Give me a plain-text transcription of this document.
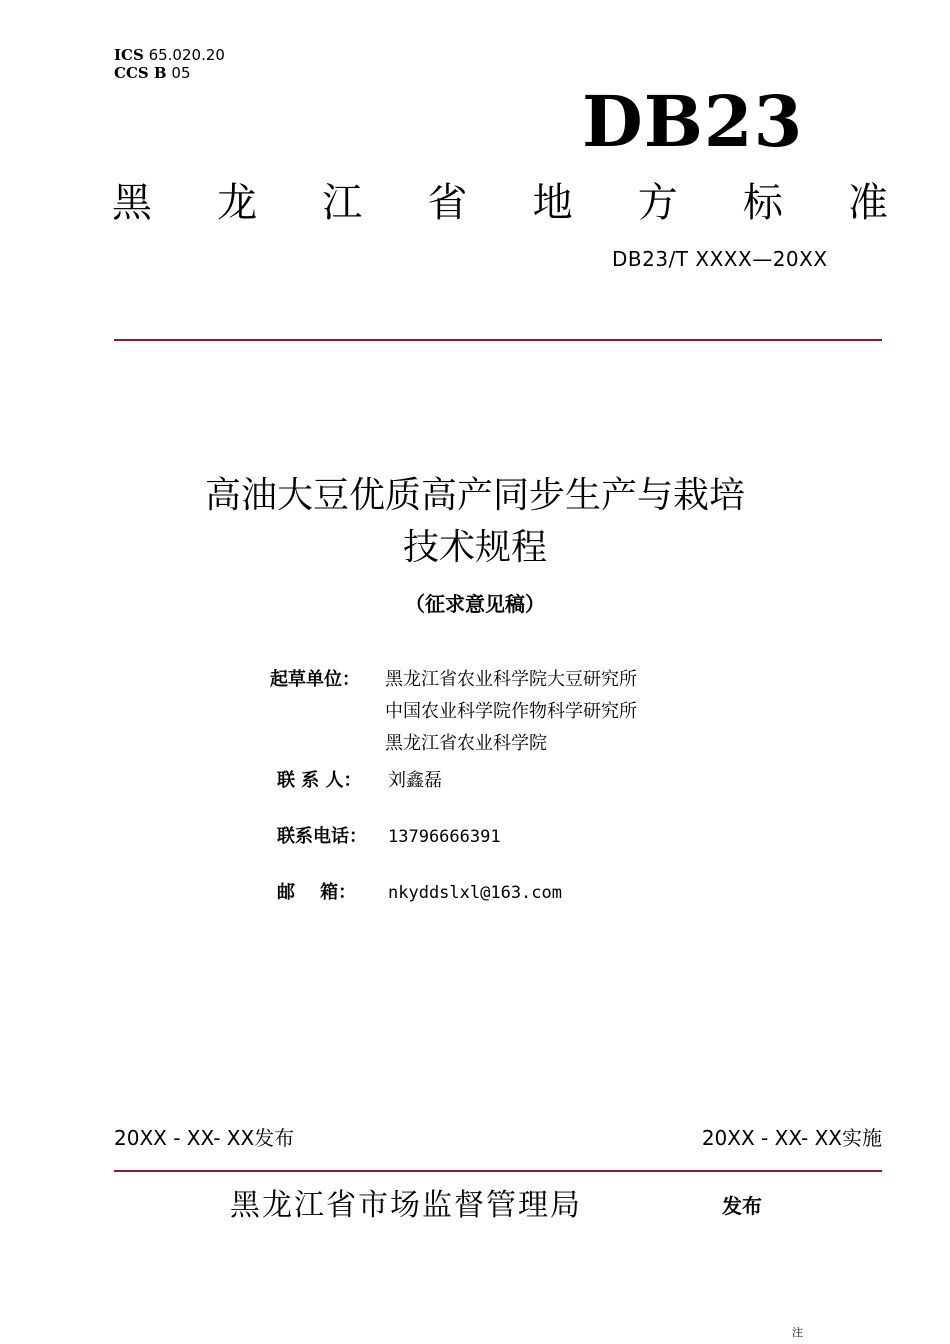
ICS 65.020.20
CCS B 05
DB23
黑 龙 江 省 地 方 标 准
DB23/T XXXX—20XX
高油大豆优质高产同步生产与栽培
技术规程
（征求意见稿）
起草单位： 黑龙江省农业科学院大豆研究所
中国农业科学院作物科学研究所
黑龙江省农业科学院
联 系 人： 刘鑫磊
联系电话： 13796666391
邮    箱： nkyddslxl@163.com
20XX - XX- XX发布	20XX - XX- XX实施
黑龙江省市场监督管理局	发布
注
